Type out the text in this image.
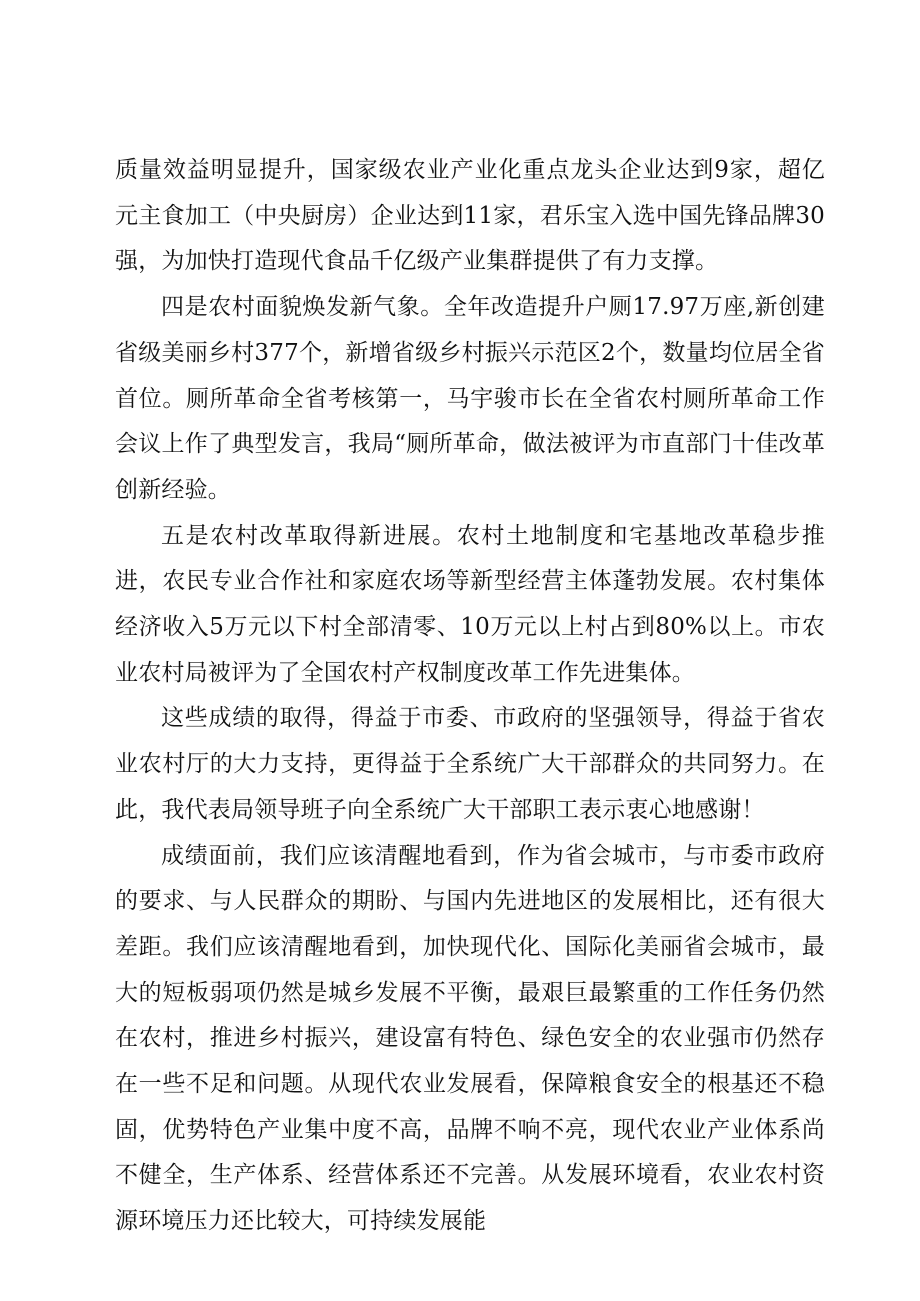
质量效益明显提升，国家级农业产业化重点龙头企业达到9家，超亿元主食加工（中央厨房）企业达到11家，君乐宝入选中国先锋品牌30强，为加快打造现代食品千亿级产业集群提供了有力支撑。

四是农村面貌焕发新气象。全年改造提升户厕17.97万座,新创建省级美丽乡村377个，新增省级乡村振兴示范区2个，数量均位居全省首位。厕所革命全省考核第一，马宇骏市长在全省农村厕所革命工作会议上作了典型发言，我局“厕所革命，做法被评为市直部门十佳改革创新经验。

五是农村改革取得新进展。农村土地制度和宅基地改革稳步推进，农民专业合作社和家庭农场等新型经营主体蓬勃发展。农村集体经济收入5万元以下村全部清零、10万元以上村占到80%以上。市农业农村局被评为了全国农村产权制度改革工作先进集体。

这些成绩的取得，得益于市委、市政府的坚强领导，得益于省农业农村厅的大力支持，更得益于全系统广大干部群众的共同努力。在此，我代表局领导班子向全系统广大干部职工表示衷心地感谢！

成绩面前，我们应该清醒地看到，作为省会城市，与市委市政府的要求、与人民群众的期盼、与国内先进地区的发展相比，还有很大差距。我们应该清醒地看到，加快现代化、国际化美丽省会城市，最大的短板弱项仍然是城乡发展不平衡，最艰巨最繁重的工作任务仍然在农村，推进乡村振兴，建设富有特色、绿色安全的农业强市仍然存在一些不足和问题。从现代农业发展看，保障粮食安全的根基还不稳固，优势特色产业集中度不高，品牌不响不亮，现代农业产业体系尚不健全，生产体系、经营体系还不完善。从发展环境看，农业农村资源环境压力还比较大，可持续发展能
